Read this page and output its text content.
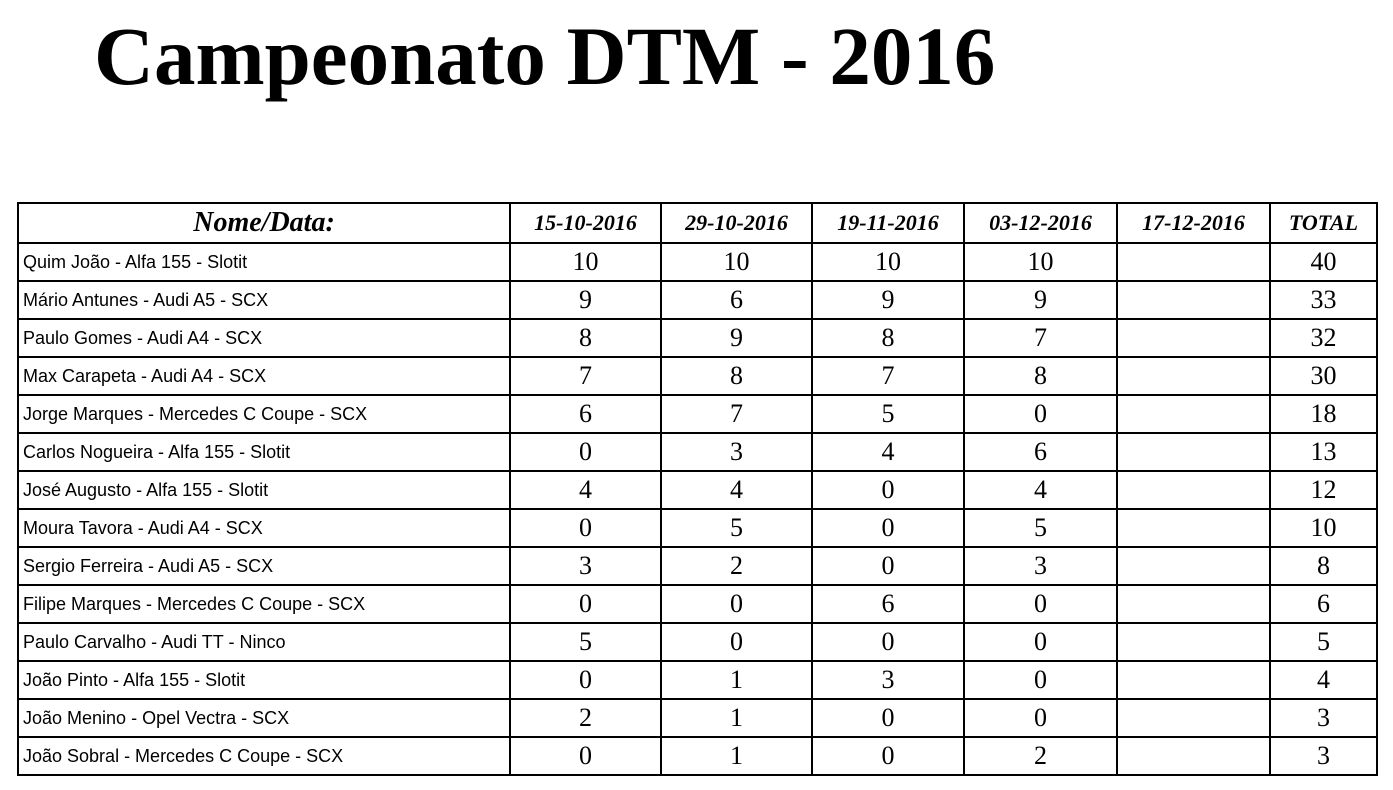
Campeonato DTM - 2016
Nome/Data:	15-10-2016	29-10-2016	19-11-2016	03-12-2016	17-12-2016	TOTAL
Quim João - Alfa 155 - Slotit	10	10	10	10		40
Mário Antunes - Audi A5 - SCX	9	6	9	9		33
Paulo Gomes - Audi A4 - SCX	8	9	8	7		32
Max Carapeta - Audi A4 - SCX	7	8	7	8		30
Jorge Marques - Mercedes C Coupe - SCX	6	7	5	0		18
Carlos Nogueira - Alfa 155 - Slotit	0	3	4	6		13
José Augusto - Alfa 155 - Slotit	4	4	0	4		12
Moura Tavora - Audi A4 - SCX	0	5	0	5		10
Sergio Ferreira - Audi A5 - SCX	3	2	0	3		8
Filipe Marques - Mercedes C Coupe - SCX	0	0	6	0		6
Paulo Carvalho - Audi TT - Ninco	5	0	0	0		5
João Pinto - Alfa 155 - Slotit	0	1	3	0		4
João Menino - Opel Vectra - SCX	2	1	0	0		3
João Sobral - Mercedes C Coupe - SCX	0	1	0	2		3
